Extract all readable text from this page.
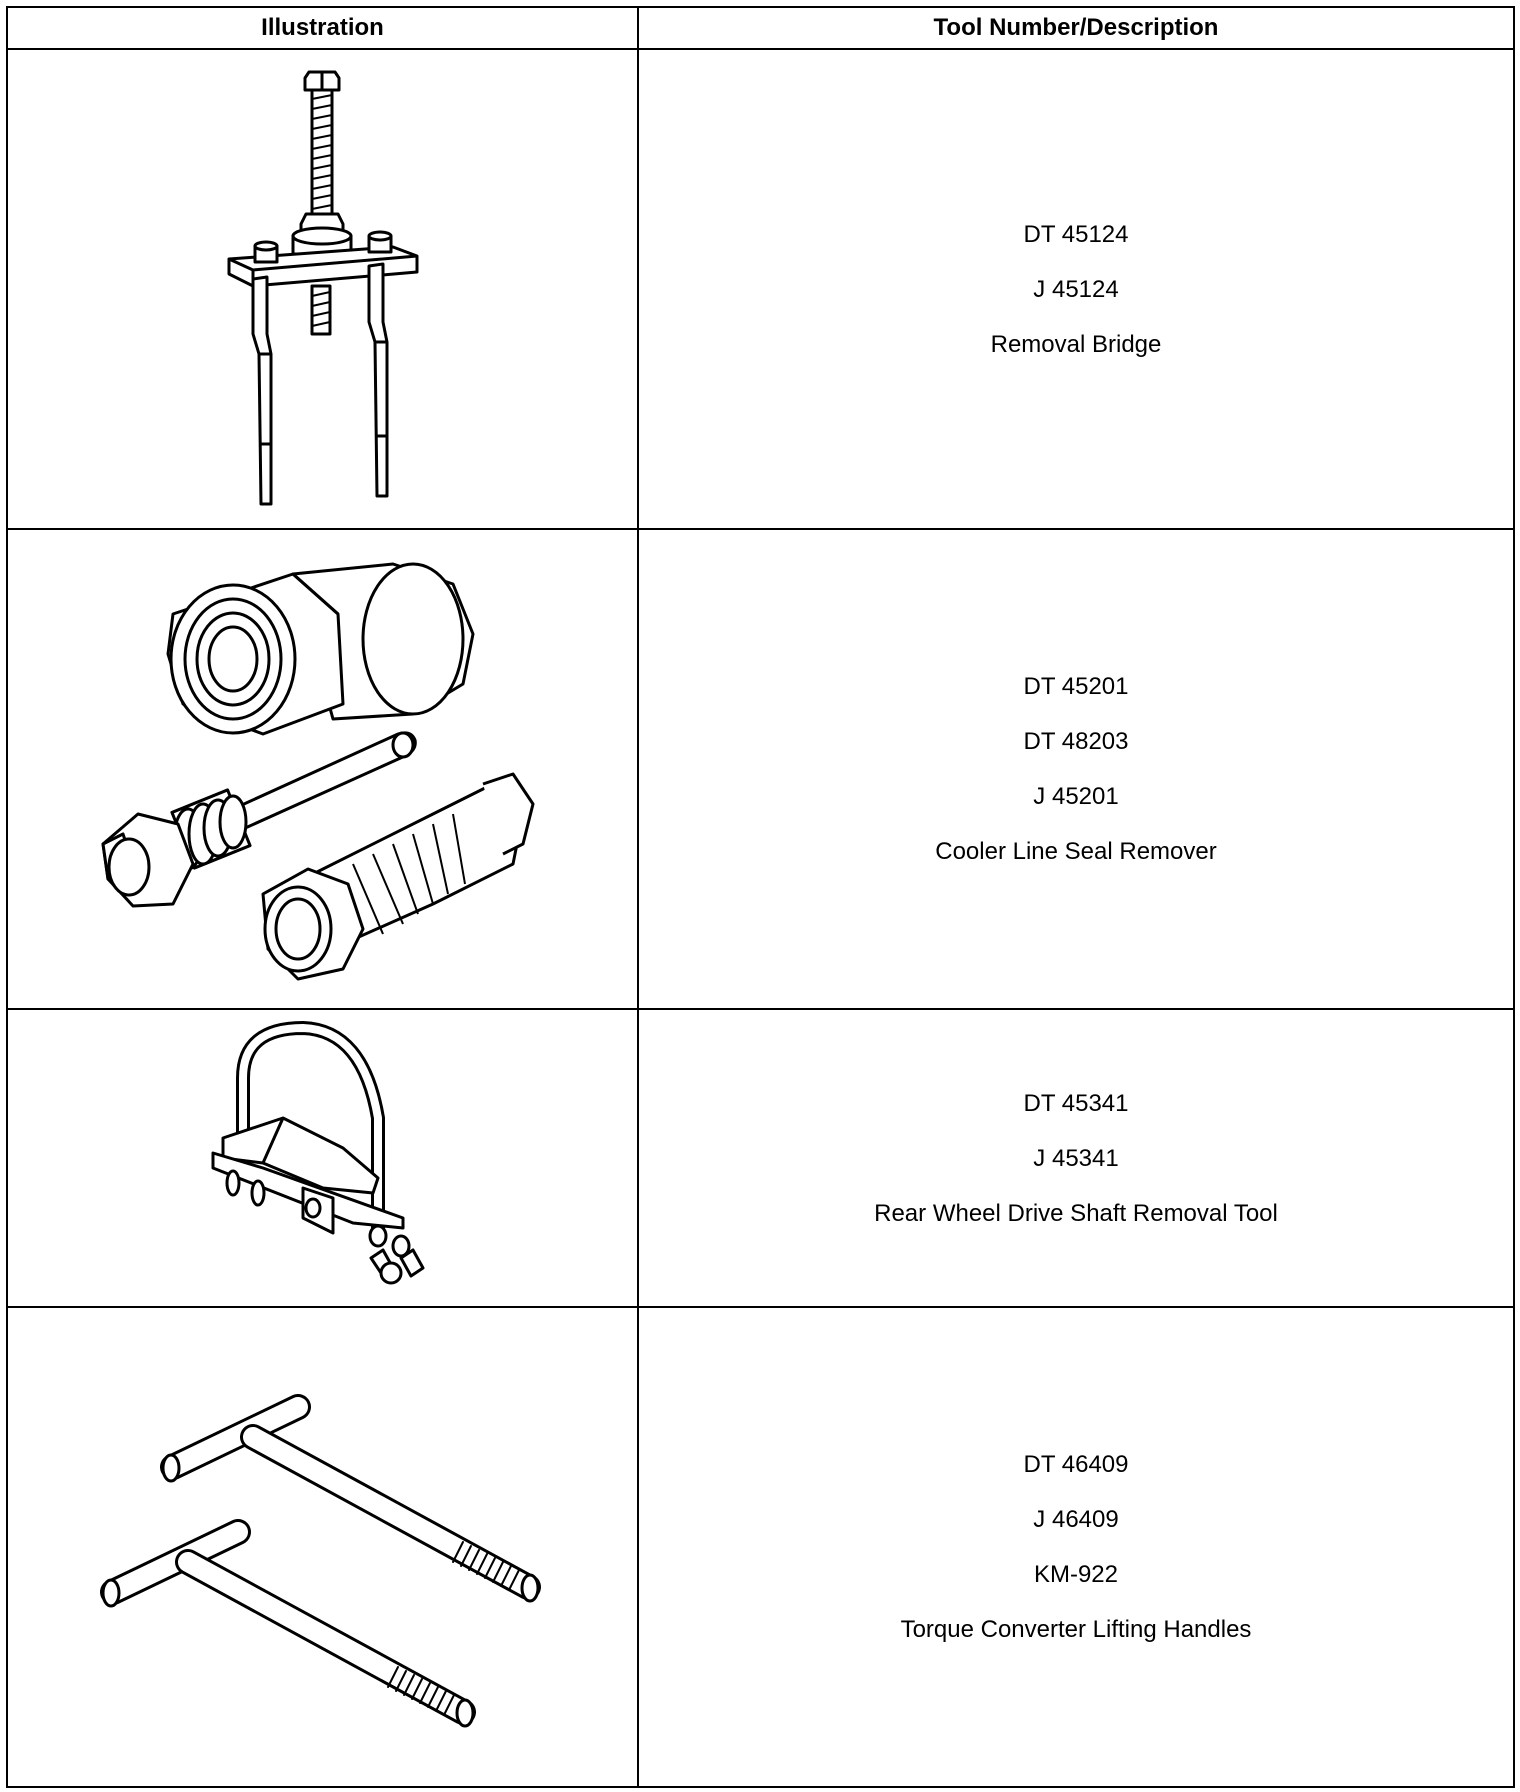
Illustration	Tool Number/Description

DT 45124
J 45124
Removal Bridge

DT 45201
DT 48203
J 45201
Cooler Line Seal Remover

DT 45341
J 45341
Rear Wheel Drive Shaft Removal Tool

DT 46409
J 46409
KM-922
Torque Converter Lifting Handles
